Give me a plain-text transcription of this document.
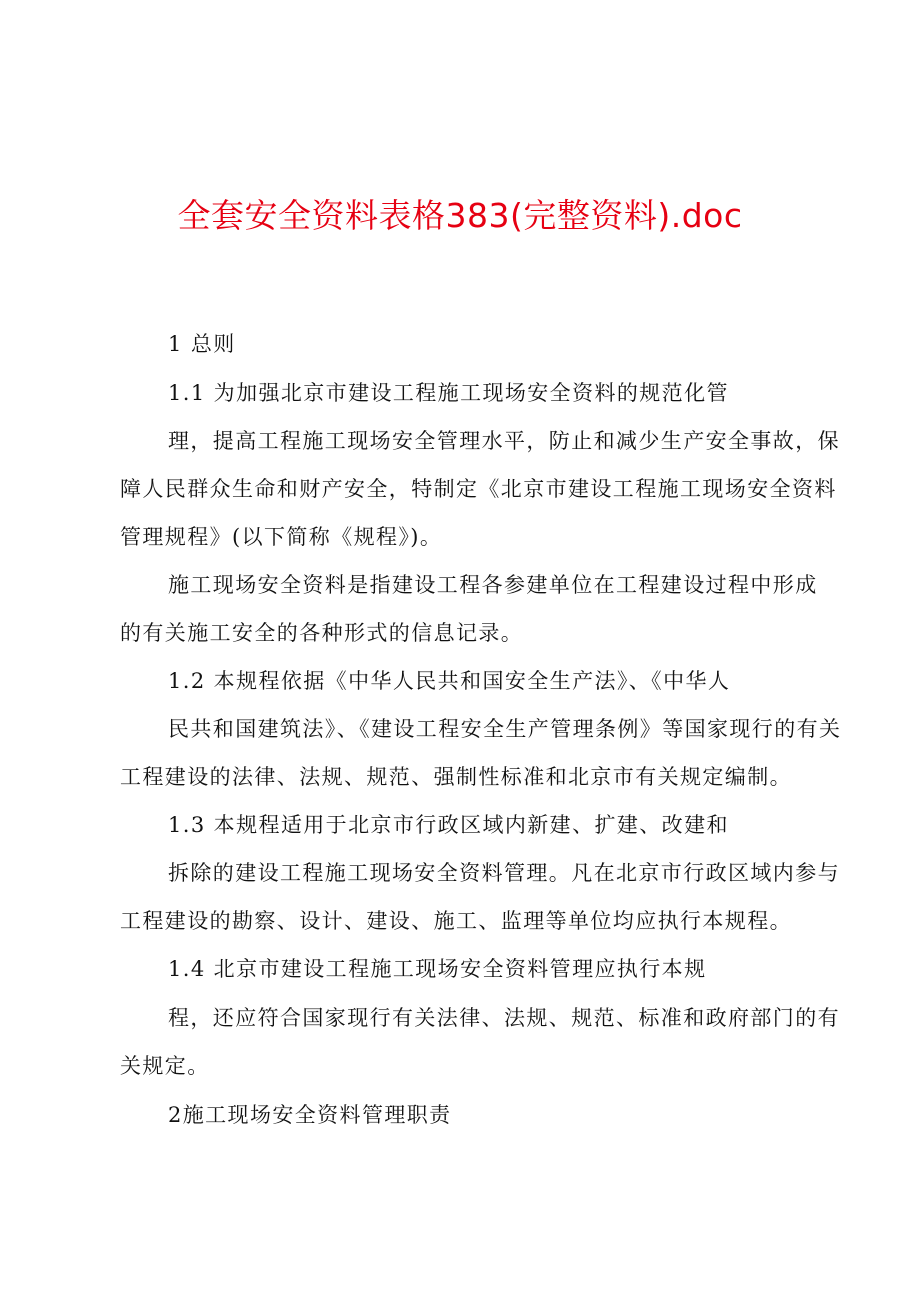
全套安全资料表格383(完整资料).doc

1 总则

1.1 为加强北京市建设工程施工现场安全资料的规范化管

理，提高工程施工现场安全管理水平，防止和减少生产安全事故，保

障人民群众生命和财产安全，特制定《北京市建设工程施工现场安全资料

管理规程》(以下简称《规程》)。

施工现场安全资料是指建设工程各参建单位在工程建设过程中形成

的有关施工安全的各种形式的信息记录。

1.2 本规程依据《中华人民共和国安全生产法》、《中华人

民共和国建筑法》、《建设工程安全生产管理条例》等国家现行的有关

工程建设的法律、法规、规范、强制性标准和北京市有关规定编制。

1.3 本规程适用于北京市行政区域内新建、扩建、改建和

拆除的建设工程施工现场安全资料管理。凡在北京市行政区域内参与

工程建设的勘察、设计、建设、施工、监理等单位均应执行本规程。

1.4 北京市建设工程施工现场安全资料管理应执行本规

程，还应符合国家现行有关法律、法规、规范、标准和政府部门的有

关规定。

2施工现场安全资料管理职责
